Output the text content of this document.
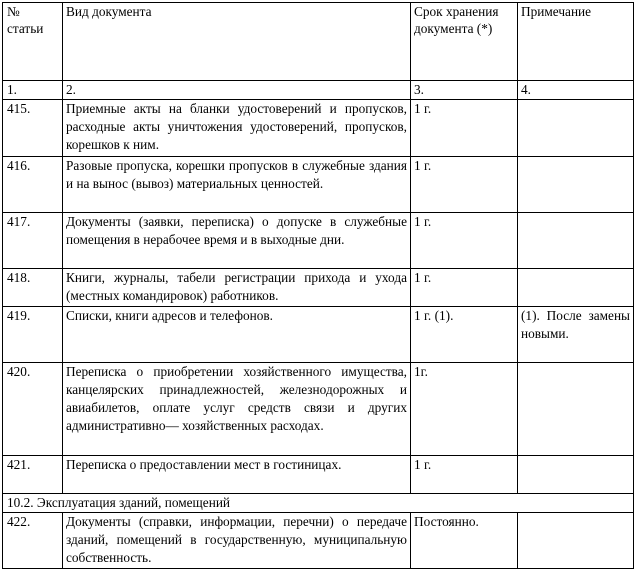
№ статьи	Вид документа	Срок хранения документа (*)	Примечание
1.	2.	3.	4.
415.	Приемные акты на бланки удостоверений и пропусков, расходные акты уничтожения удостоверений, пропусков, корешков к ним.	1 г.	
416.	Разовые пропуска, корешки пропусков в служебные здания и на вынос (вывоз) материальных ценностей.	1 г.	
417.	Документы (заявки, переписка) о допуске в служебные помещения в нерабочее время и в выходные дни.	1 г.	
418.	Книги, журналы, табели регистрации прихода и ухода (местных командировок) работников.	1 г.	
419.	Списки, книги адресов и телефонов.	1 г. (1).	(1). После замены новыми.
420.	Переписка о приобретении хозяйственного имущества, канцелярских принадлежностей, железнодорожных и авиабилетов, оплате услуг средств связи и других административно— хозяйственных расходах.	1г.	
421.	Переписка о предоставлении мест в гостиницах.	1 г.	
10.2. Эксплуатация зданий, помещений			
422.	Документы (справки, информации, перечни) о передаче зданий, помещений в государственную, муниципальную собственность.	Постоянно.	
